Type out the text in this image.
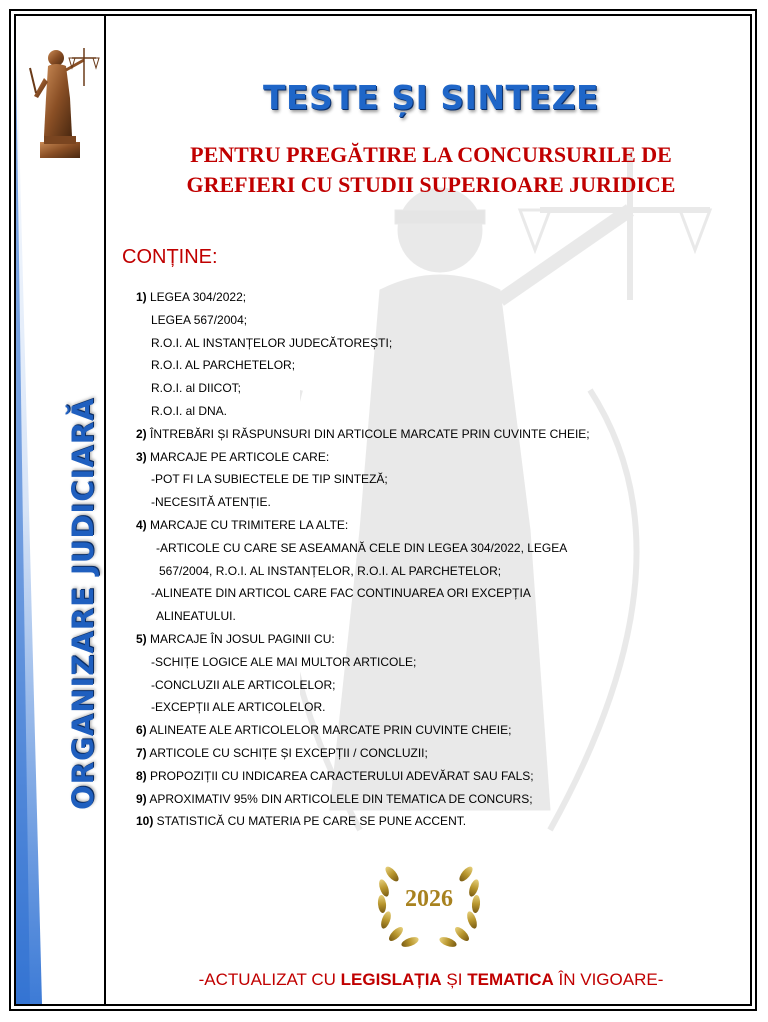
ORGANIZARE JUDICIARĂ
TESTE ȘI SINTEZE
PENTRU PREGĂTIRE LA CONCURSURILE DE
GREFIERI CU STUDII SUPERIOARE JURIDICE
CONȚINE:
1) LEGEA 304/2022;
LEGEA 567/2004;
R.O.I. AL INSTANȚELOR JUDECĂTOREȘTI;
R.O.I. AL PARCHETELOR;
R.O.I. al DIICOT;
R.O.I. al DNA.
2) ÎNTREBĂRI ȘI RĂSPUNSURI DIN ARTICOLE MARCATE PRIN CUVINTE CHEIE;
3) MARCAJE PE ARTICOLE CARE:
-POT FI LA SUBIECTELE DE TIP SINTEZĂ;
-NECESITĂ ATENȚIE.
4) MARCAJE CU TRIMITERE LA ALTE:
-ARTICOLE CU CARE SE ASEAMANĂ CELE DIN LEGEA 304/2022, LEGEA
567/2004, R.O.I. AL INSTANȚELOR, R.O.I. AL PARCHETELOR;
-ALINEATE DIN ARTICOL CARE FAC CONTINUAREA ORI EXCEPȚIA
ALINEATULUI.
5) MARCAJE ÎN JOSUL PAGINII CU:
-SCHIȚE LOGICE ALE MAI MULTOR ARTICOLE;
-CONCLUZII ALE ARTICOLELOR;
-EXCEPȚII ALE ARTICOLELOR.
6) ALINEATE ALE ARTICOLELOR MARCATE PRIN CUVINTE CHEIE;
7) ARTICOLE CU SCHIȚE ȘI EXCEPȚII / CONCLUZII;
8) PROPOZIȚII CU INDICAREA CARACTERULUI ADEVĂRAT SAU FALS;
9) APROXIMATIV 95% DIN ARTICOLELE DIN TEMATICA DE CONCURS;
10) STATISTICĂ CU MATERIA PE CARE SE PUNE ACCENT.
2026
-ACTUALIZAT CU LEGISLAȚIA ȘI TEMATICA ÎN VIGOARE-
